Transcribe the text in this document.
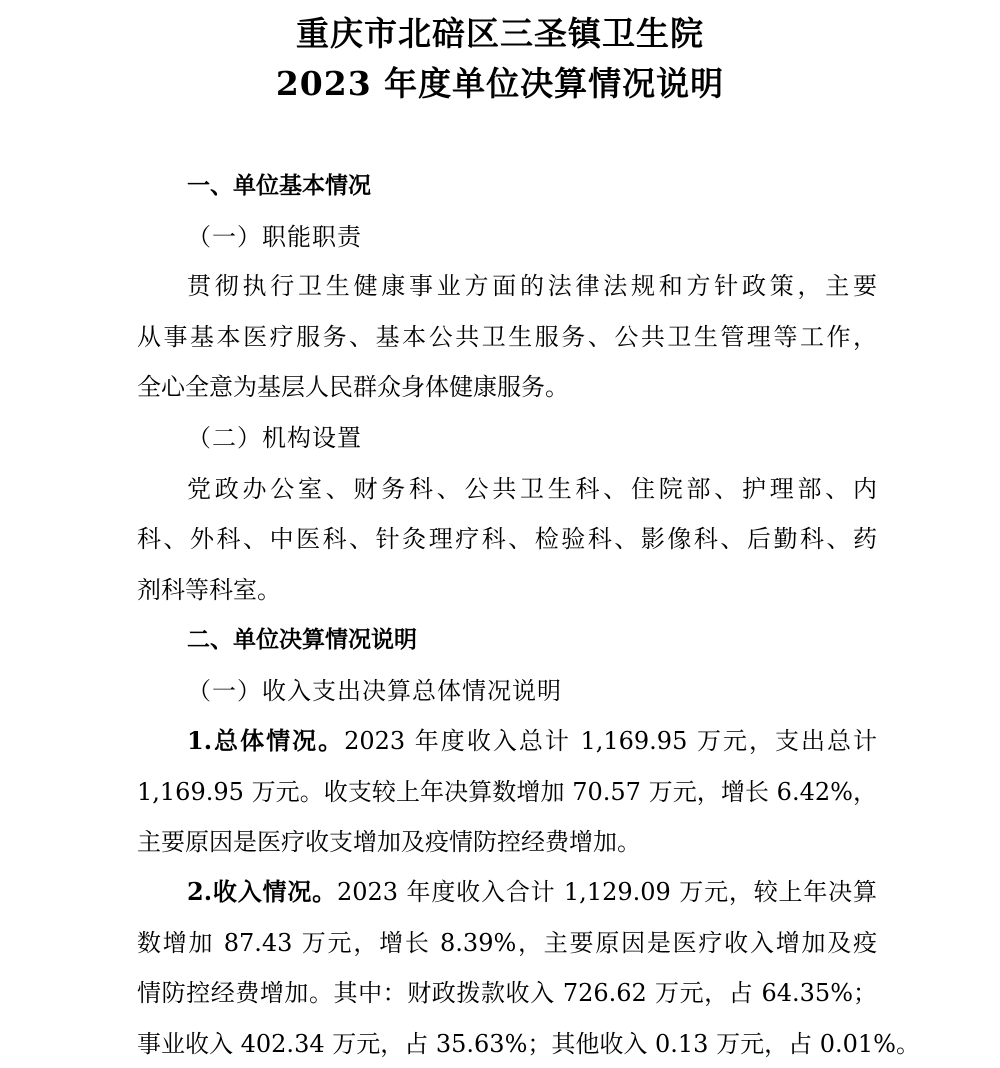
重庆市北碚区三圣镇卫生院
2023 年度单位决算情况说明
一、单位基本情况
（一）职能职责
贯彻执行卫生健康事业方面的法律法规和方针政策，主要
从事基本医疗服务、基本公共卫生服务、公共卫生管理等工作，
全心全意为基层人民群众身体健康服务。
（二）机构设置
党政办公室、财务科、公共卫生科、住院部、护理部、内
科、外科、中医科、针灸理疗科、检验科、影像科、后勤科、药
剂科等科室。
二、单位决算情况说明
（一）收入支出决算总体情况说明
1.总体情况。2023 年度收入总计 1,169.95 万元，支出总计
1,169.95 万元。收支较上年决算数增加 70.57 万元，增长 6.42%，
主要原因是医疗收支增加及疫情防控经费增加。
2.收入情况。2023 年度收入合计 1,129.09 万元，较上年决算
数增加 87.43 万元，增长 8.39%，主要原因是医疗收入增加及疫
情防控经费增加。其中：财政拨款收入 726.62 万元，占 64.35%；
事业收入 402.34 万元，占 35.63%；其他收入 0.13 万元，占 0.01%。
